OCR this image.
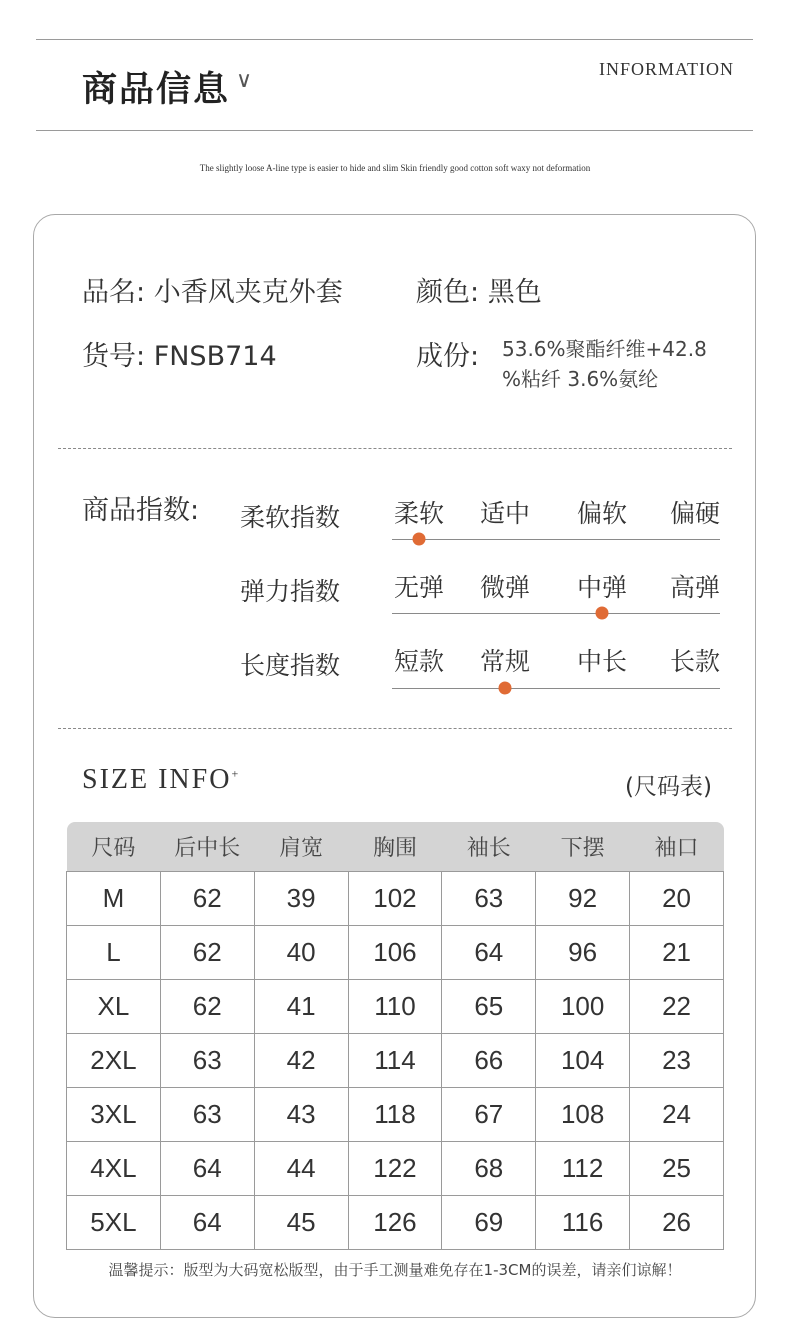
商品信息 ∨	INFORMATION
The slightly loose A-line type is easier to hide and slim Skin friendly good cotton soft waxy not deformation
品名: 小香风夹克外套	颜色: 黑色
货号: FNSB714	成份: 53.6%聚酯纤维+42.8
%粘纤 3.6%氨纶
商品指数: 柔软指数 柔软 适中 偏软 偏硬
弹力指数 无弹 微弹 中弹 高弹
长度指数 短款 常规 中长 长款
SIZE INFO+
(尺码表)
尺码	后中长	肩宽	胸围	袖长	下摆	袖口
M	62	39	102	63	92	20
L	62	40	106	64	96	21
XL	62	41	110	65	100	22
2XL	63	42	114	66	104	23
3XL	63	43	118	67	108	24
4XL	64	44	122	68	112	25
5XL	64	45	126	69	116	26
温馨提示：版型为大码宽松版型，由于手工测量难免存在1-3CM的误差，请亲们谅解！
